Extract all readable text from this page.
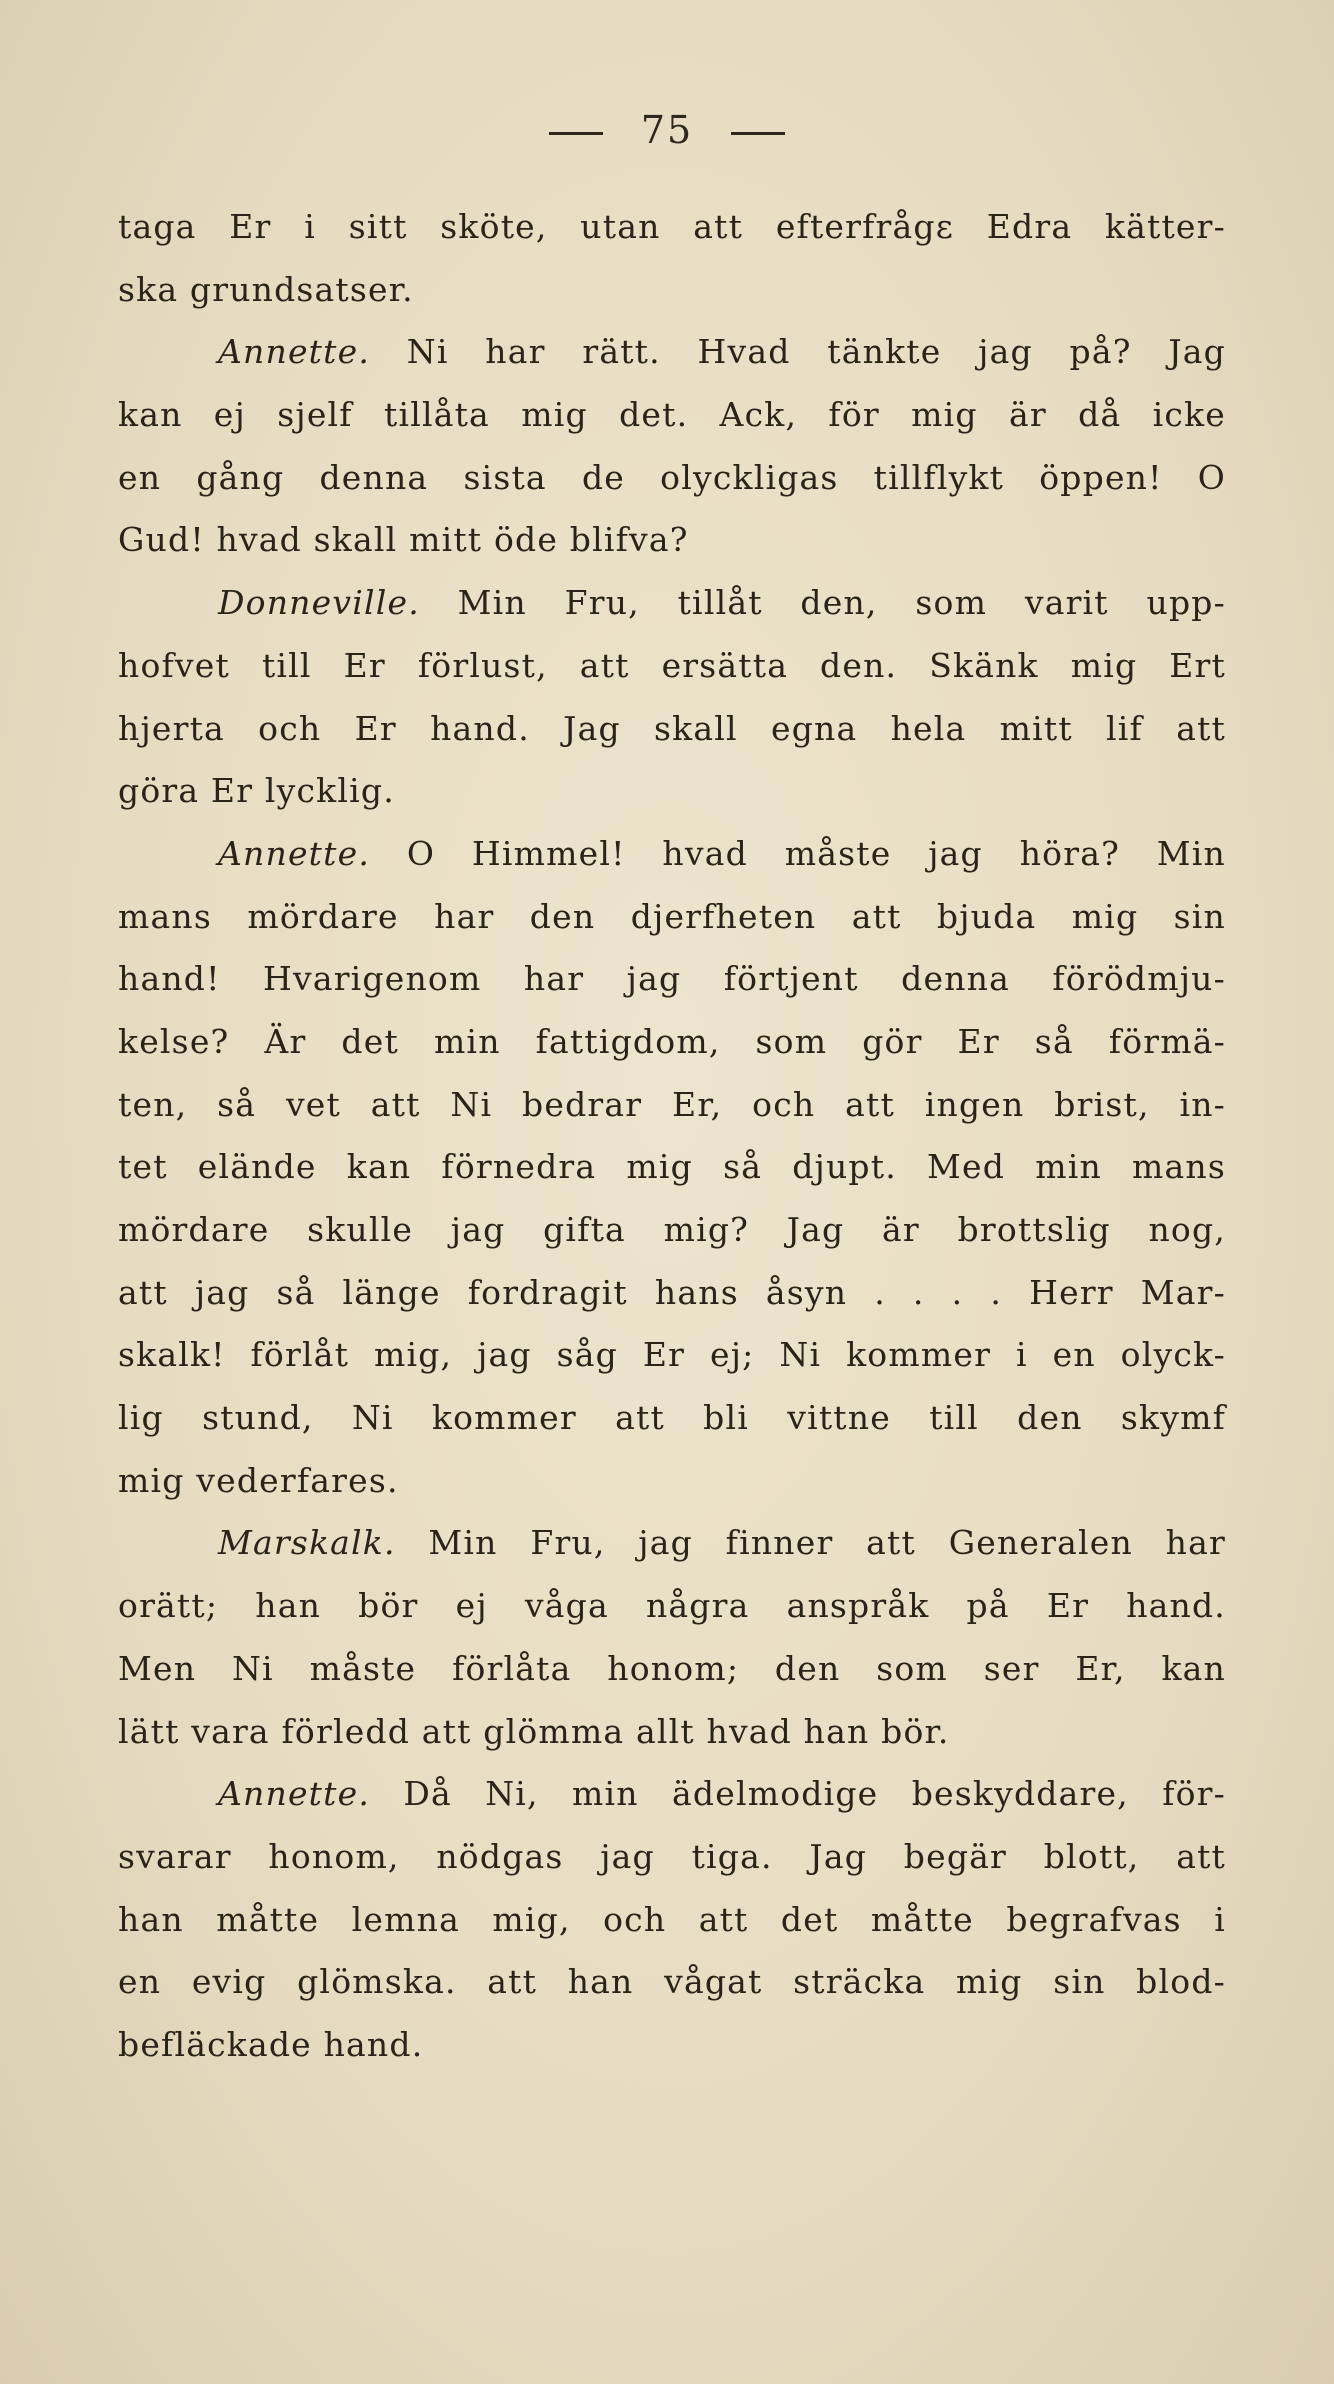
75
taga Er i sitt sköte, utan att efterfrågε Edra kätter-
ska grundsatser.
Annette. Ni har rätt. Hvad tänkte jag på? Jag
kan ej sjelf tillåta mig det. Ack, för mig är då icke
en gång denna sista de olyckligas tillflykt öppen! O
Gud! hvad skall mitt öde blifva?
Donneville. Min Fru, tillåt den, som varit upp-
hofvet till Er förlust, att ersätta den. Skänk mig Ert
hjerta och Er hand. Jag skall egna hela mitt lif att
göra Er lycklig.
Annette. O Himmel! hvad måste jag höra? Min
mans mördare har den djerfheten att bjuda mig sin
hand! Hvarigenom har jag förtjent denna förödmju-
kelse? Är det min fattigdom, som gör Er så förmä-
ten, så vet att Ni bedrar Er, och att ingen brist, in-
tet elände kan förnedra mig så djupt. Med min mans
mördare skulle jag gifta mig? Jag är brottslig nog,
att jag så länge fordragit hans åsyn . . . . Herr Mar-
skalk! förlåt mig, jag såg Er ej; Ni kommer i en olyck-
lig stund, Ni kommer att bli vittne till den skymf
mig vederfares.
Marskalk. Min Fru, jag finner att Generalen har
orätt; han bör ej våga några anspråk på Er hand.
Men Ni måste förlåta honom; den som ser Er, kan
lätt vara förledd att glömma allt hvad han bör.
Annette. Då Ni, min ädelmodige beskyddare, för-
svarar honom, nödgas jag tiga. Jag begär blott, att
han måtte lemna mig, och att det måtte begrafvas i
en evig glömska. att han vågat sträcka mig sin blod-
befläckade hand.
